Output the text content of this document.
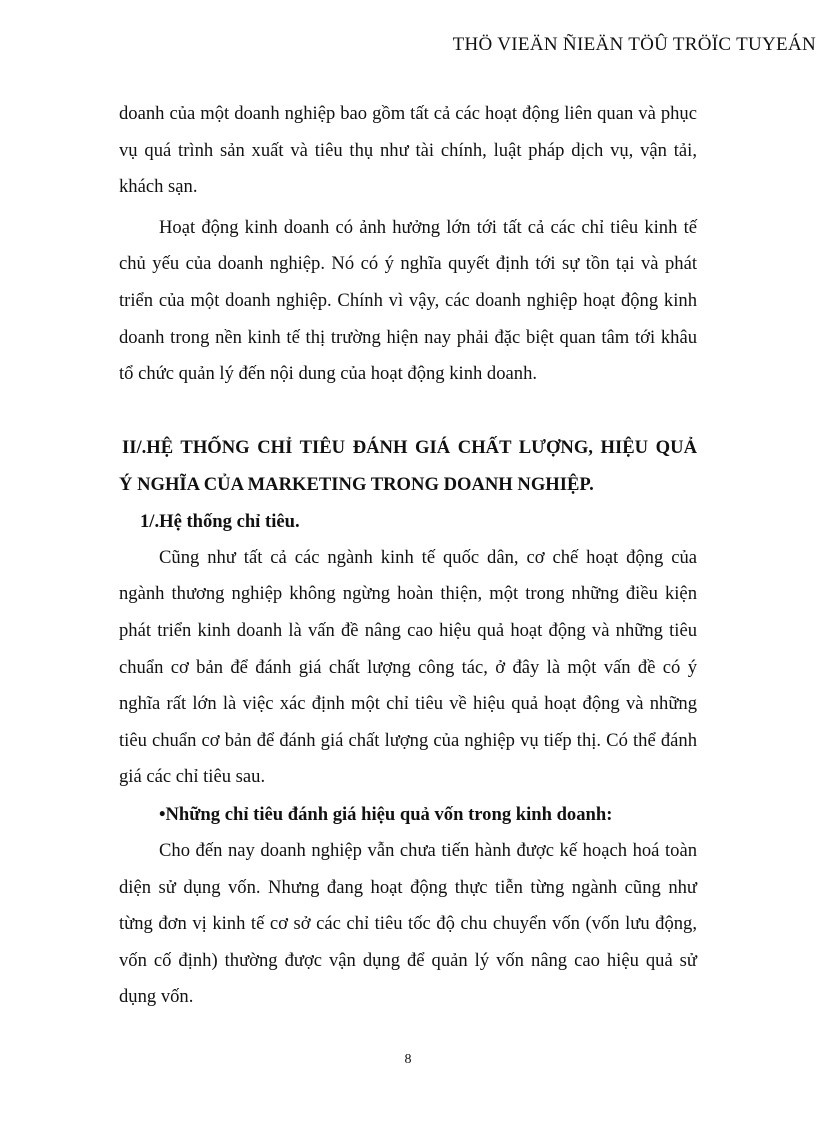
THÖ VIEÄN ÑIEÄN TÖÛ TRÖÏC TUYEÁN

doanh của một doanh nghiệp bao gồm tất cả các hoạt động liên quan và phục vụ quá trình sản xuất và tiêu thụ như tài chính, luật pháp dịch vụ, vận tải, khách sạn.

Hoạt động kinh doanh có ảnh hưởng lớn tới tất cả các chỉ tiêu kinh tế chủ yếu của doanh nghiệp. Nó có ý nghĩa quyết định tới sự tồn tại và phát triển của một doanh nghiệp. Chính vì vậy, các doanh nghiệp hoạt động kinh doanh trong nền kinh tế thị trường hiện nay phải đặc biệt quan tâm tới khâu tổ chức quản lý đến nội dung của hoạt động kinh doanh.

II/.HỆ THỐNG CHỈ TIÊU ĐÁNH GIÁ CHẤT LƯỢNG, HIỆU QUẢ
Ý NGHĨA CỦA MARKETING TRONG DOANH NGHIỆP.
1/.Hệ thống chỉ tiêu.

Cũng như tất cả các ngành kinh tế quốc dân, cơ chế hoạt động của ngành thương nghiệp không ngừng hoàn thiện, một trong những điều kiện phát triển kinh doanh là vấn đề nâng cao hiệu quả hoạt động và những tiêu chuẩn cơ bản để đánh giá chất lượng công tác, ở đây là một vấn đề có ý nghĩa rất lớn là việc xác định một chỉ tiêu về hiệu quả hoạt động và những tiêu chuẩn cơ bản để đánh giá chất lượng của nghiệp vụ tiếp thị. Có thể đánh giá các chỉ tiêu sau.

•Những chỉ tiêu đánh giá hiệu quả vốn trong kinh doanh:

Cho đến nay doanh nghiệp vẫn chưa tiến hành được kế hoạch hoá toàn diện sử dụng vốn. Nhưng đang hoạt động thực tiễn từng ngành cũng như từng đơn vị kinh tế cơ sở các chỉ tiêu tốc độ chu chuyển vốn (vốn lưu động, vốn cố định) thường được vận dụng để quản lý vốn nâng cao hiệu quả sử dụng vốn.

8
